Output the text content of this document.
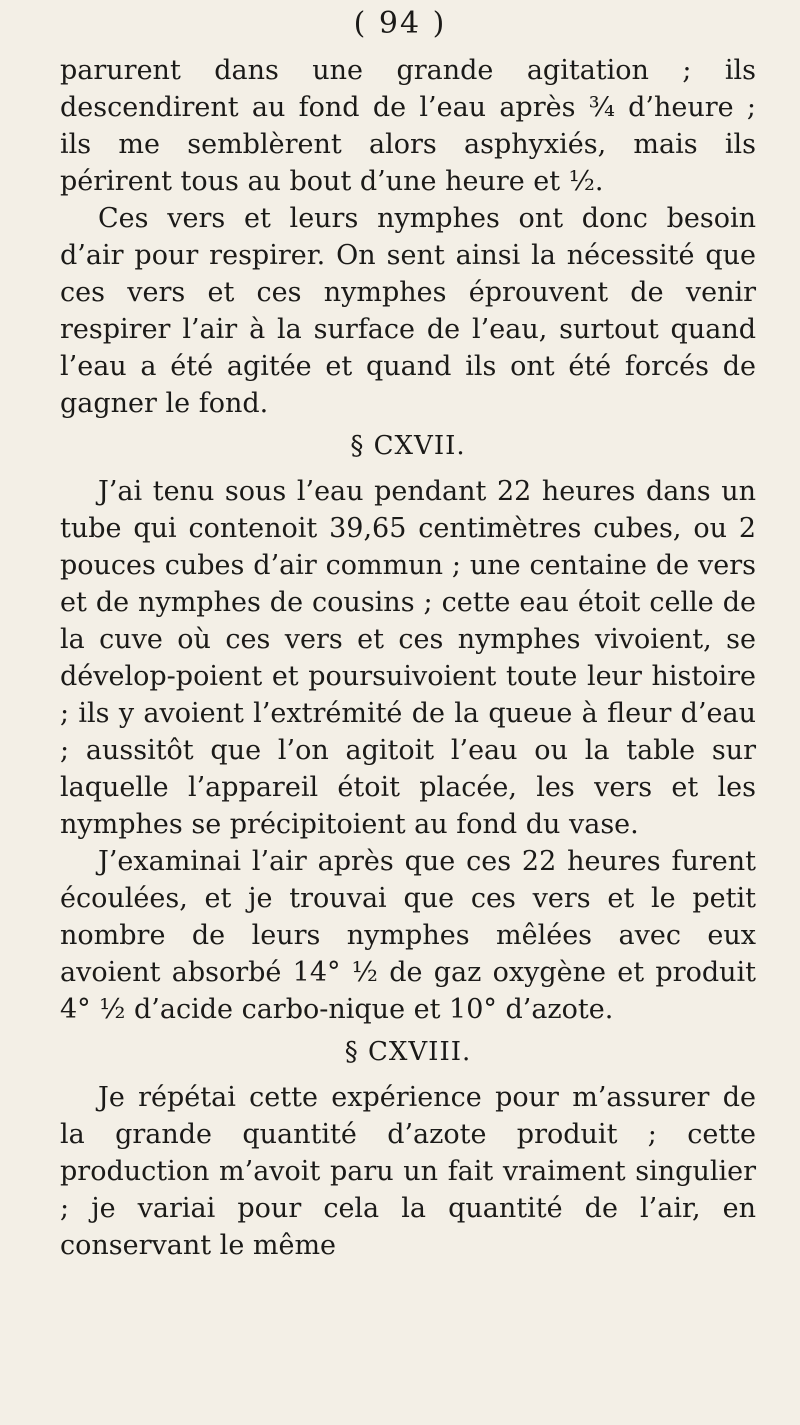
( 94 )

parurent dans une grande agitation ; ils descendirent au fond de l’eau après ¾ d’heure ; ils me semblèrent alors asphyxiés, mais ils périrent tous au bout d’une heure et ½.

Ces vers et leurs nymphes ont donc besoin d’air pour respirer. On sent ainsi la nécessité que ces vers et ces nymphes éprouvent de venir respirer l’air à la surface de l’eau, surtout quand l’eau a été agitée et quand ils ont été forcés de gagner le fond.

§ CXVII.

J’ai tenu sous l’eau pendant 22 heures dans un tube qui contenoit 39,65 centimètres cubes, ou 2 pouces cubes d’air commun ; une centaine de vers et de nymphes de cousins ; cette eau étoit celle de la cuve où ces vers et ces nymphes vivoient, se dévelop-poient et poursuivoient toute leur histoire ; ils y avoient l’extrémité de la queue à fleur d’eau ; aussitôt que l’on agitoit l’eau ou la table sur laquelle l’appareil étoit placée, les vers et les nymphes se précipitoient au fond du vase.

J’examinai l’air après que ces 22 heures furent écoulées, et je trouvai que ces vers et le petit nombre de leurs nymphes mêlées avec eux avoient absorbé 14° ½ de gaz oxygène et produit 4° ½ d’acide carbo-nique et 10° d’azote.

§ CXVIII.

Je répétai cette expérience pour m’assurer de la grande quantité d’azote produit ; cette production m’avoit paru un fait vraiment singulier ; je variai pour cela la quantité de l’air, en conservant le même
